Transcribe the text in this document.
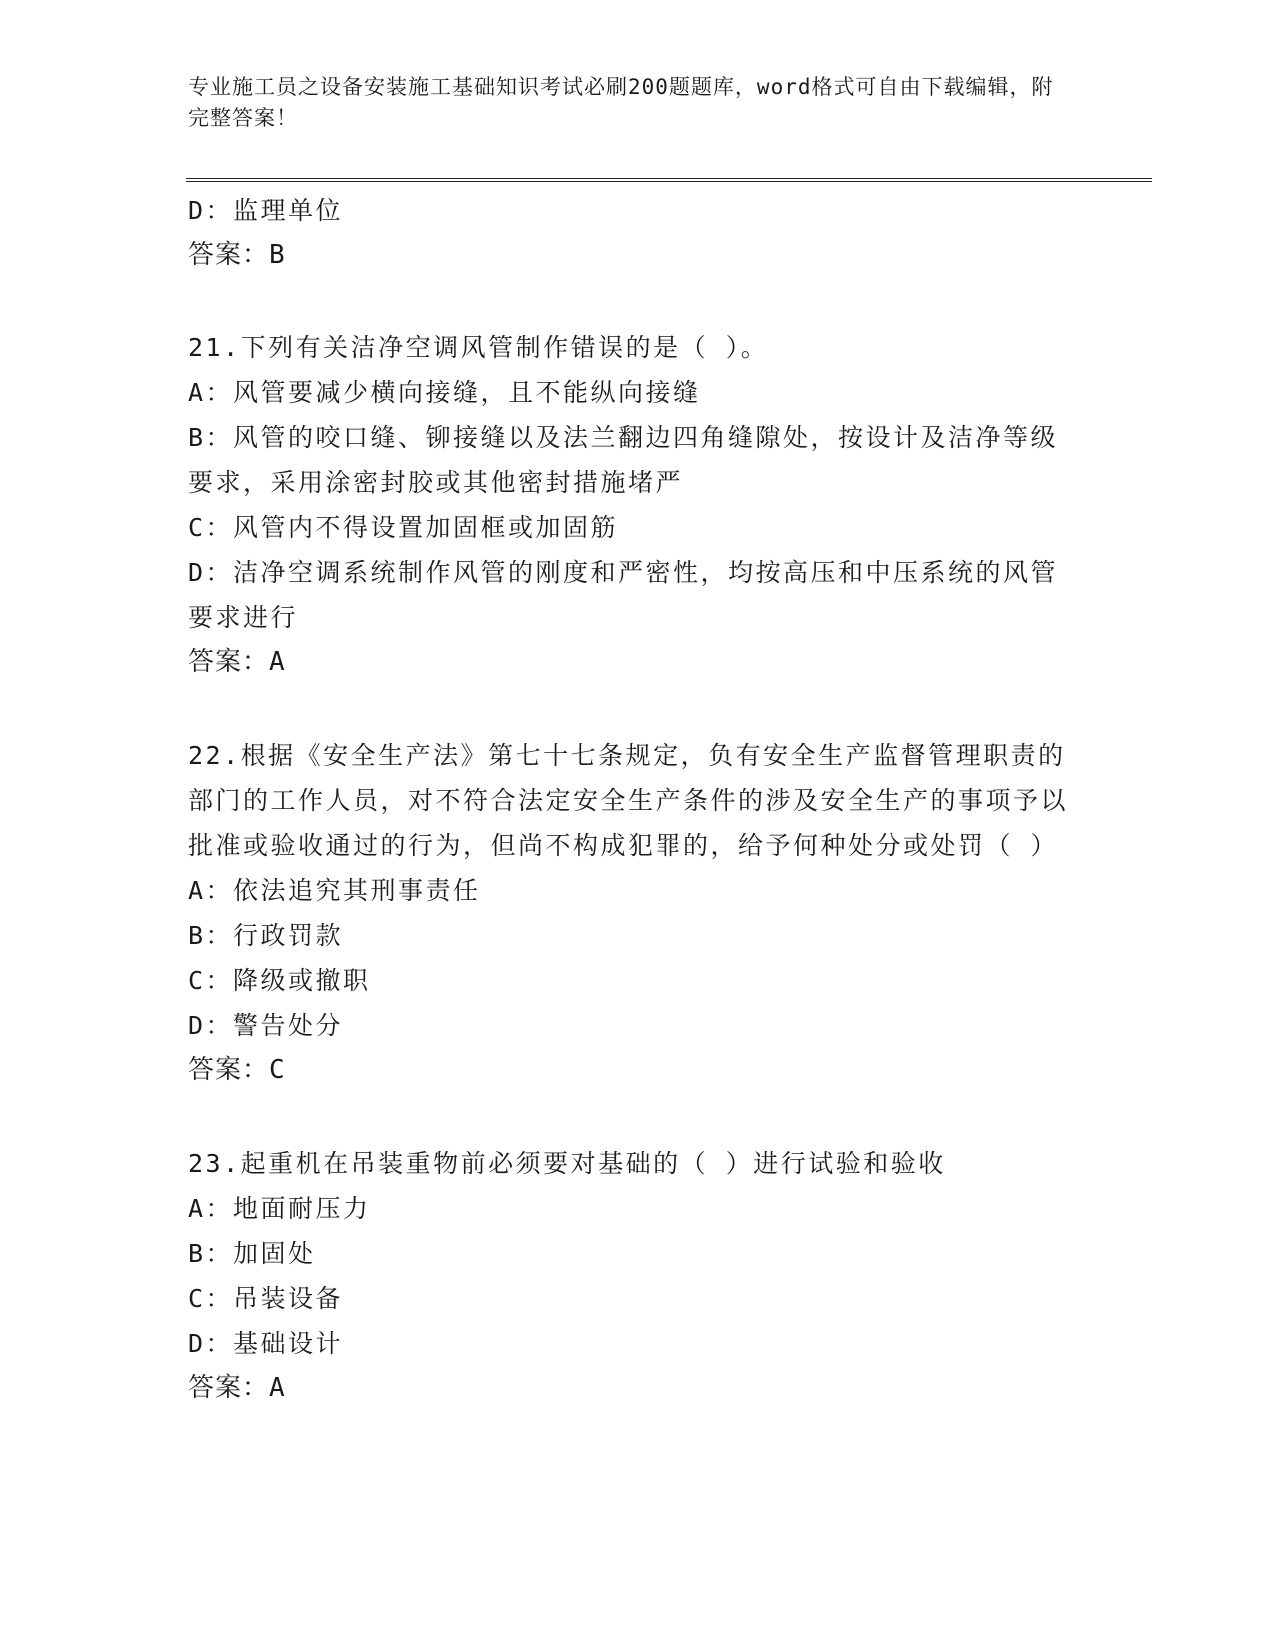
专业施工员之设备安装施工基础知识考试必刷200题题库，word格式可自由下载编辑，附完整答案！
D：监理单位
答案：B
21.下列有关洁净空调风管制作错误的是（ ）。
A：风管要减少横向接缝，且不能纵向接缝
B：风管的咬口缝、铆接缝以及法兰翻边四角缝隙处，按设计及洁净等级要求，采用涂密封胶或其他密封措施堵严
C：风管内不得设置加固框或加固筋
D：洁净空调系统制作风管的刚度和严密性，均按高压和中压系统的风管要求进行
答案：A
22.根据《安全生产法》第七十七条规定，负有安全生产监督管理职责的部门的工作人员，对不符合法定安全生产条件的涉及安全生产的事项予以批准或验收通过的行为，但尚不构成犯罪的，给予何种处分或处罚（ ）
A：依法追究其刑事责任
B：行政罚款
C：降级或撤职
D：警告处分
答案：C
23.起重机在吊装重物前必须要对基础的（ ）进行试验和验收
A：地面耐压力
B：加固处
C：吊装设备
D：基础设计
答案：A
